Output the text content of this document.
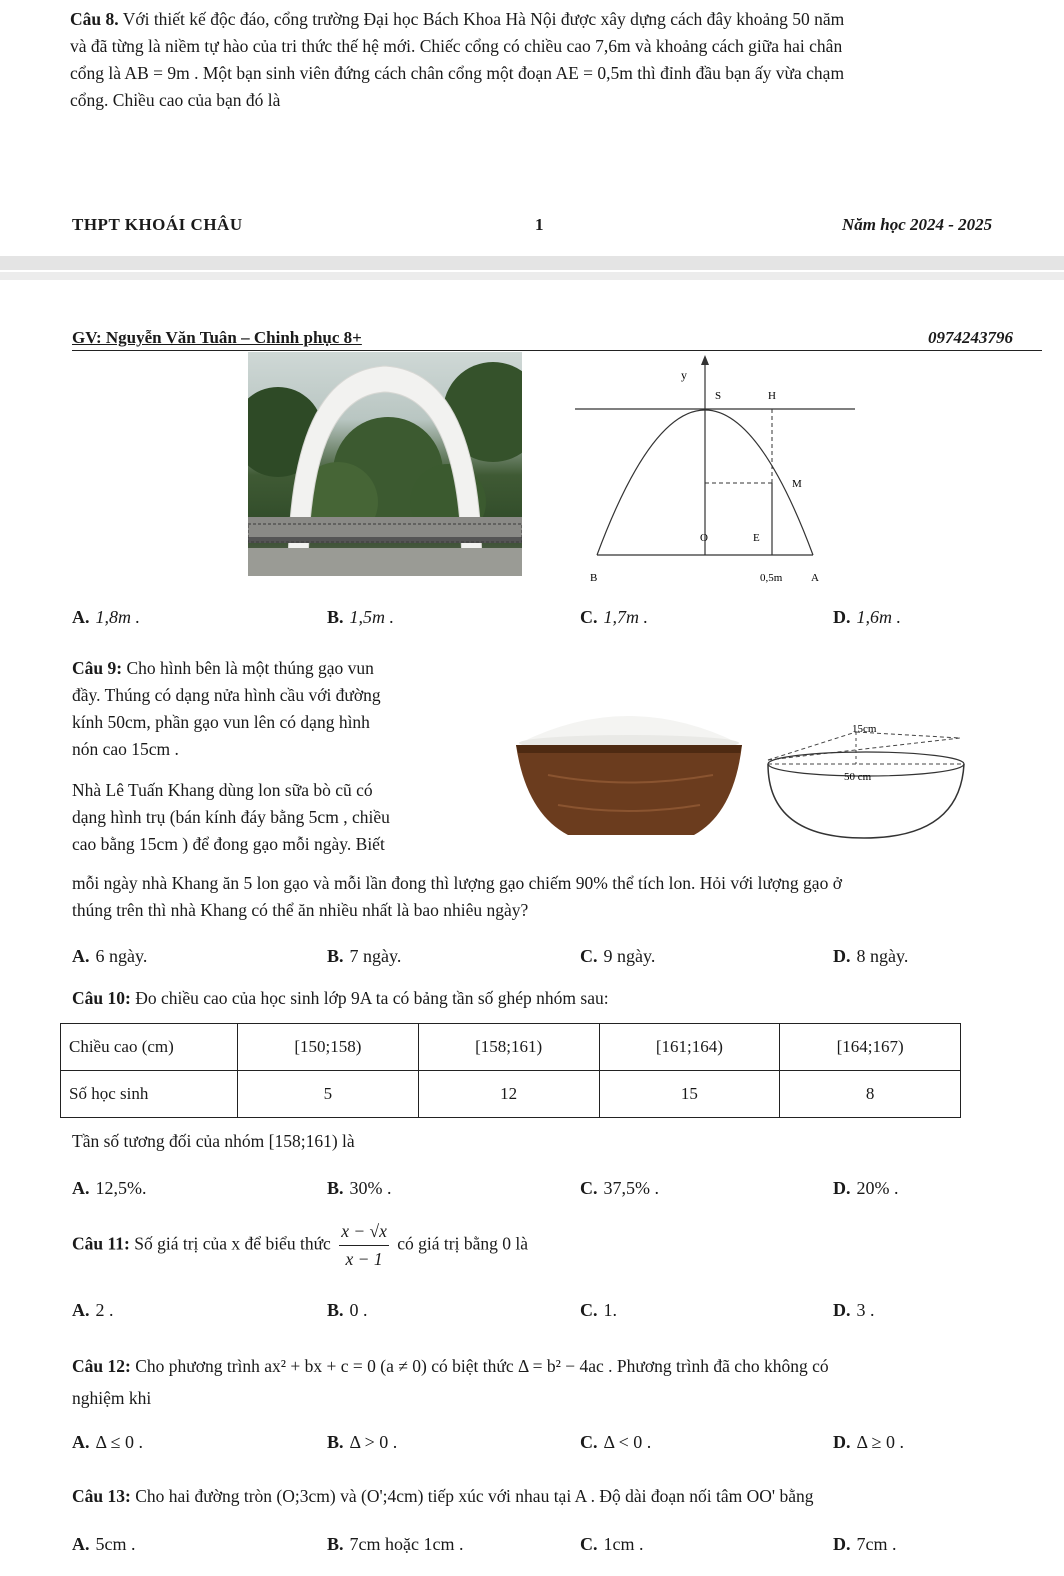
Câu 8. Với thiết kế độc đáo, cổng trường Đại học Bách Khoa Hà Nội được xây dựng cách đây khoảng 50 năm
và đã từng là niềm tự hào của tri thức thế hệ mới. Chiếc cổng có chiều cao 7,6m và khoảng cách giữa hai chân
cổng là AB = 9m . Một bạn sinh viên đứng cách chân cổng một đoạn AE = 0,5m thì đỉnh đầu bạn ấy vừa chạm
cổng. Chiều cao của bạn đó là
THPT KHOÁI CHÂU	1	Năm học 2024 - 2025
GV: Nguyễn Văn Tuân – Chinh phục 8+	0974243796
y
S	H
M
O	E
B	0,5m	A
A. 1,8m .	B. 1,5m .	C. 1,7m .	D. 1,6m .
Câu 9: Cho hình bên là một thúng gạo vun
đầy. Thúng có dạng nửa hình cầu với đường
kính 50cm, phần gạo vun lên có dạng hình
nón cao 15cm .
Nhà Lê Tuấn Khang dùng lon sữa bò cũ có
dạng hình trụ (bán kính đáy bằng 5cm , chiều
cao bằng 15cm ) để đong gạo mỗi ngày. Biết
mỗi ngày nhà Khang ăn 5 lon gạo và mỗi lần đong thì lượng gạo chiếm 90% thể tích lon. Hỏi với lượng gạo ở
thúng trên thì nhà Khang có thể ăn nhiều nhất là bao nhiêu ngày?
15cm
50 cm
A. 6 ngày.	B. 7 ngày.	C. 9 ngày.	D. 8 ngày.
Câu 10: Đo chiều cao của học sinh lớp 9A ta có bảng tần số ghép nhóm sau:
Chiều cao (cm)	[150;158)	[158;161)	[161;164)	[164;167)
Số học sinh	5	12	15	8
Tần số tương đối của nhóm [158;161) là
A. 12,5%.	B. 30% .	C. 37,5% .	D. 20% .
Câu 11: Số giá trị của x để biểu thức $\frac{x - √x}{x - 1}$ có giá trị bằng 0 là
A. 2 .	B. 0 .	C. 1.	D. 3 .
Câu 12: Cho phương trình ax² + bx + c = 0 (a ≠ 0) có biệt thức Δ = b² − 4ac . Phương trình đã cho không có
nghiệm khi
A. Δ ≤ 0 .	B. Δ > 0 .	C. Δ < 0 .	D. Δ ≥ 0 .
Câu 13: Cho hai đường tròn (O;3cm) và (O';4cm) tiếp xúc với nhau tại A . Độ dài đoạn nối tâm OO' bằng
A. 5cm .	B. 7cm hoặc 1cm .	C. 1cm .	D. 7cm .
